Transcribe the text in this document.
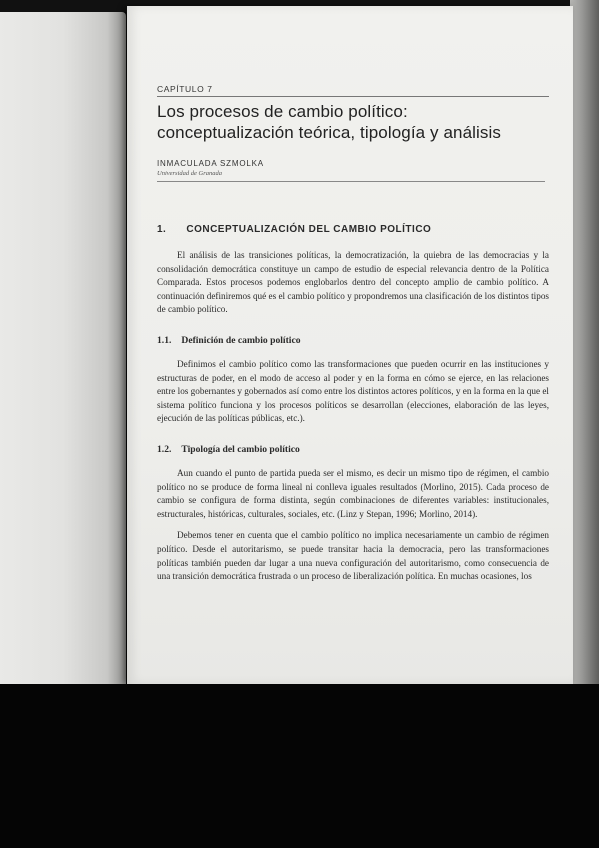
CAPÍTULO 7

Los procesos de cambio político:
conceptualización teórica, tipología y análisis

INMACULADA SZMOLKA

Universidad de Granada

1. CONCEPTUALIZACIÓN DEL CAMBIO POLÍTICO

El análisis de las transiciones políticas, la democratización, la quiebra de las democracias y la consolidación democrática constituye un campo de estudio de especial relevancia dentro de la Política Comparada. Estos procesos podemos englobarlos dentro del concepto amplio de cambio político. A continuación definiremos qué es el cambio político y propondremos una clasificación de los distintos tipos de cambio político.

1.1. Definición de cambio político

Definimos el cambio político como las transformaciones que pueden ocurrir en las instituciones y estructuras de poder, en el modo de acceso al poder y en la forma en cómo se ejerce, en las relaciones entre los gobernantes y gobernados así como entre los distintos actores políticos, y en la forma en la que el sistema político funciona y los procesos políticos se desarrollan (elecciones, elaboración de las leyes, ejecución de las políticas públicas, etc.).

1.2. Tipología del cambio político

Aun cuando el punto de partida pueda ser el mismo, es decir un mismo tipo de régimen, el cambio político no se produce de forma lineal ni conlleva iguales resultados (Morlino, 2015). Cada proceso de cambio se configura de forma distinta, según combinaciones de diferentes variables: institucionales, estructurales, históricas, culturales, sociales, etc. (Linz y Stepan, 1996; Morlino, 2014).

Debemos tener en cuenta que el cambio político no implica necesariamente un cambio de régimen político. Desde el autoritarismo, se puede transitar hacia la democracia, pero las transformaciones políticas también pueden dar lugar a una nueva configuración del autoritarismo, como consecuencia de una transición democrática frustrada o un proceso de liberalización política. En muchas ocasiones, los
